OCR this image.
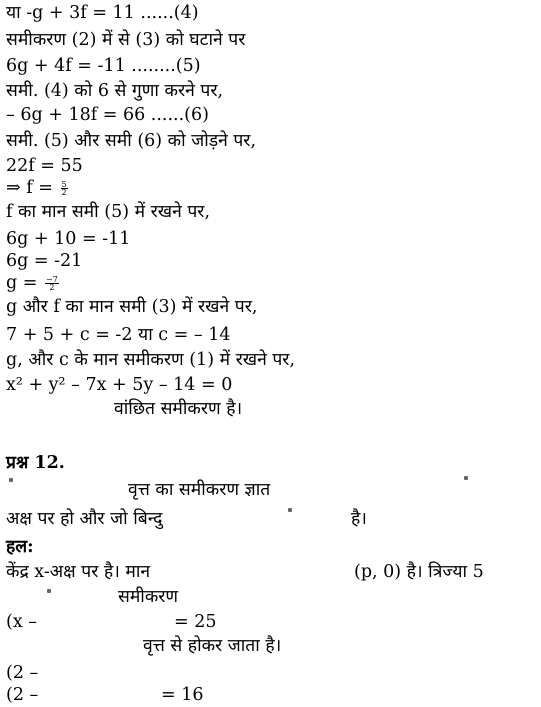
या -g + 3f = 11 ......(4)
समीकरण (2) में से (3) को घटाने पर
6g + 4f = -11 ........(5)
समी. (4) को 6 से गुणा करने पर,
– 6g + 18f = 66 ......(6)
समी. (5) और समी (6) को जोड़ने पर,
22f = 55
⇒ $f = \frac{5}{2}$
f का मान समी (5) में रखने पर,
6g + 10 = -11
6g = -21
$g = \frac{-7}{2}$
g और f का मान समी (3) में रखने पर,
7 + 5 + c = -2 या c = – 14
g, और c के मान समीकरण (1) में रखने पर,
x² + y² – 7x + 5y – 14 = 0
वांछित समीकरण है।
प्रश्न 12.
वृत्त का समीकरण ज्ञात
अक्ष पर हो और जो बिन्दु	है।
हल:
केंद्र x-अक्ष पर है। मान	(p, 0) है। त्रिज्या 5
समीकरण
(x –	= 25
वृत्त से होकर जाता है।
(2 –
(2 –	= 16
